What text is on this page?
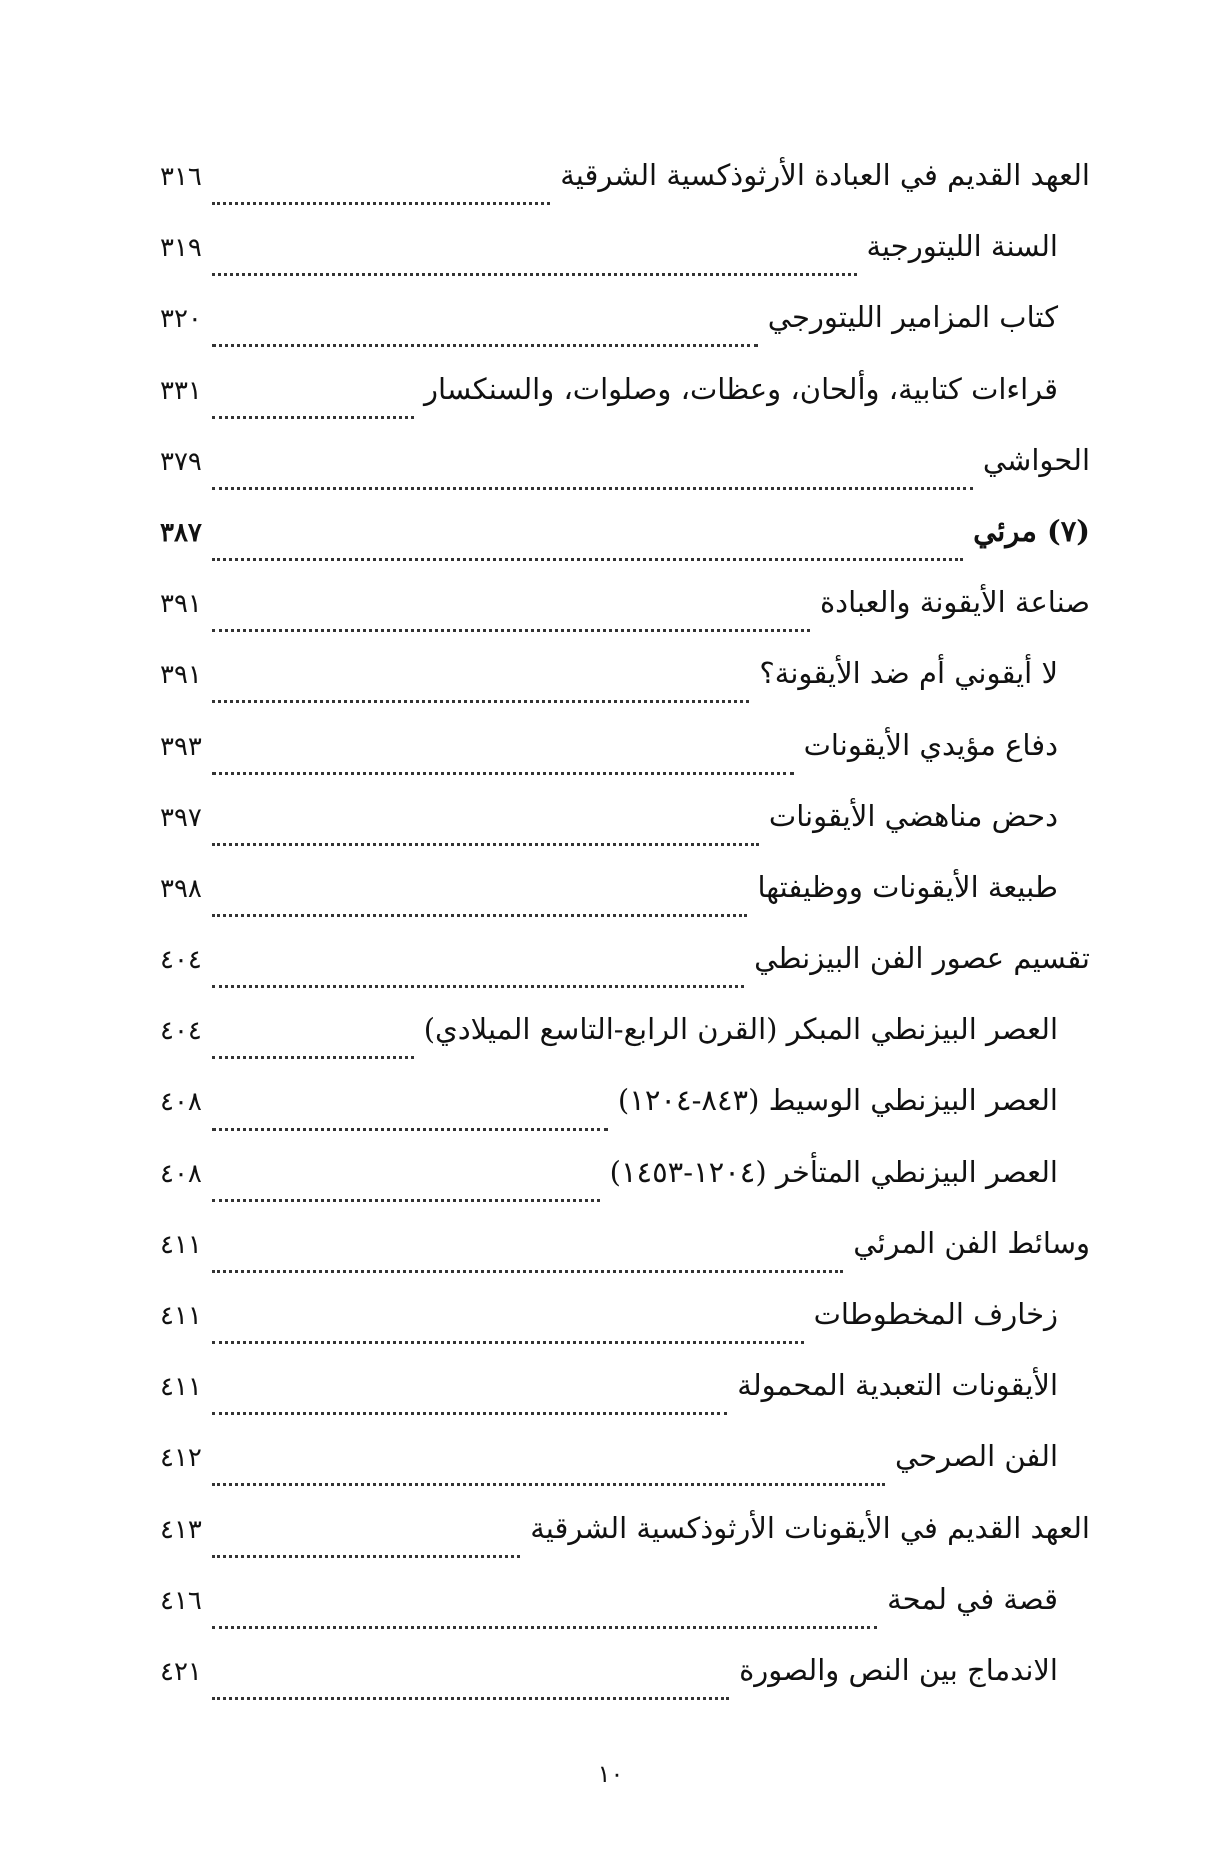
العهد القديم في العبادة الأرثوذكسية الشرقية
٣١٦
السنة الليتورجية
٣١٩
كتاب المزامير الليتورجي
٣٢٠
قراءات كتابية، وألحان، وعظات، وصلوات، والسنكسار
٣٣١
الحواشي
٣٧٩
(٧) مرئي
٣٨٧
صناعة الأيقونة والعبادة
٣٩١
لا أيقوني أم ضد الأيقونة؟
٣٩١
دفاع مؤيدي الأيقونات
٣٩٣
دحض مناهضي الأيقونات
٣٩٧
طبيعة الأيقونات ووظيفتها
٣٩٨
تقسيم عصور الفن البيزنطي
٤٠٤
العصر البيزنطي المبكر (القرن الرابع-التاسع الميلادي)
٤٠٤
العصر البيزنطي الوسيط (٨٤٣-١٢٠٤)
٤٠٨
العصر البيزنطي المتأخر (١٢٠٤-١٤٥٣)
٤٠٨
وسائط الفن المرئي
٤١١
زخارف المخطوطات
٤١١
الأيقونات التعبدية المحمولة
٤١١
الفن الصرحي
٤١٢
العهد القديم في الأيقونات الأرثوذكسية الشرقية
٤١٣
قصة في لمحة
٤١٦
الاندماج بين النص والصورة
٤٢١
١٠
